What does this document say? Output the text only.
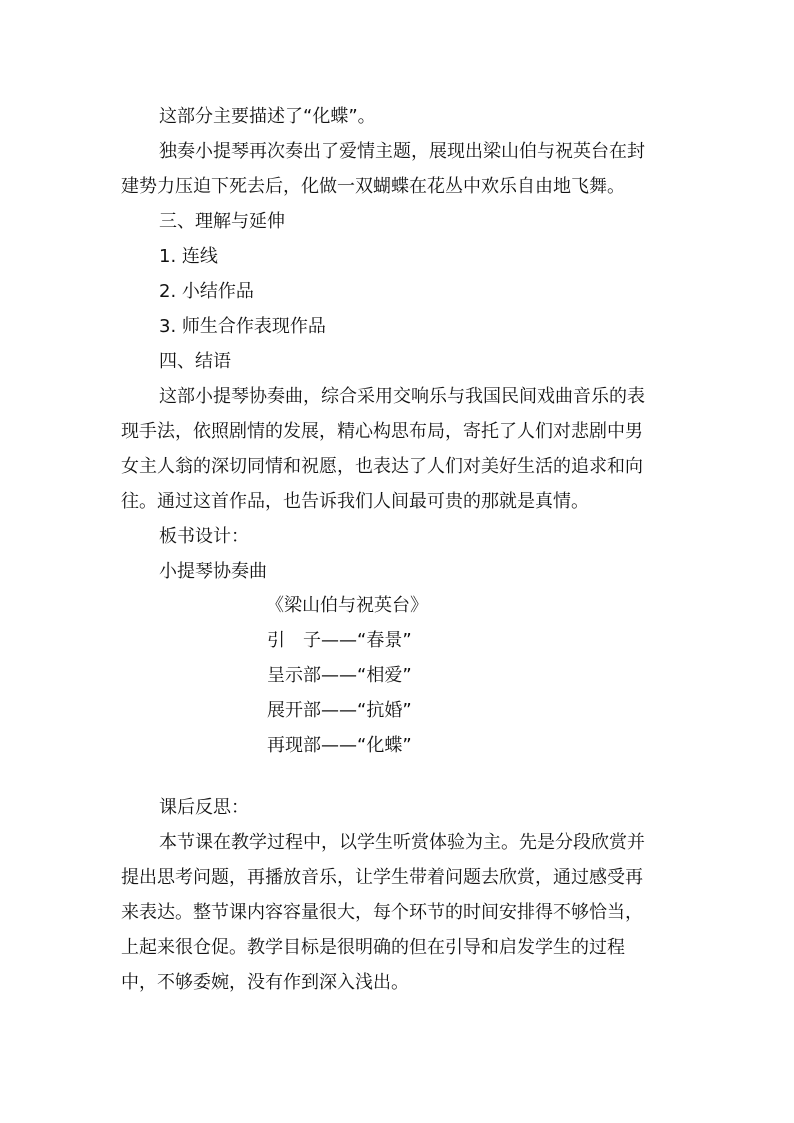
这部分主要描述了“化蝶”。
独奏小提琴再次奏出了爱情主题，展现出梁山伯与祝英台在封
建势力压迫下死去后，化做一双蝴蝶在花丛中欢乐自由地飞舞。
三、理解与延伸
1. 连线
2. 小结作品
3. 师生合作表现作品
四、结语
这部小提琴协奏曲，综合采用交响乐与我国民间戏曲音乐的表
现手法，依照剧情的发展，精心构思布局，寄托了人们对悲剧中男
女主人翁的深切同情和祝愿，也表达了人们对美好生活的追求和向
往。通过这首作品，也告诉我们人间最可贵的那就是真情。
板书设计：
小提琴协奏曲
《梁山伯与祝英台》
引　子——“春景”
呈示部——“相爱”
展开部——“抗婚”
再现部——“化蝶”
课后反思：
本节课在教学过程中，以学生听赏体验为主。先是分段欣赏并
提出思考问题，再播放音乐，让学生带着问题去欣赏，通过感受再
来表达。整节课内容容量很大，每个环节的时间安排得不够恰当，
上起来很仓促。教学目标是很明确的但在引导和启发学生的过程
中，不够委婉，没有作到深入浅出。
